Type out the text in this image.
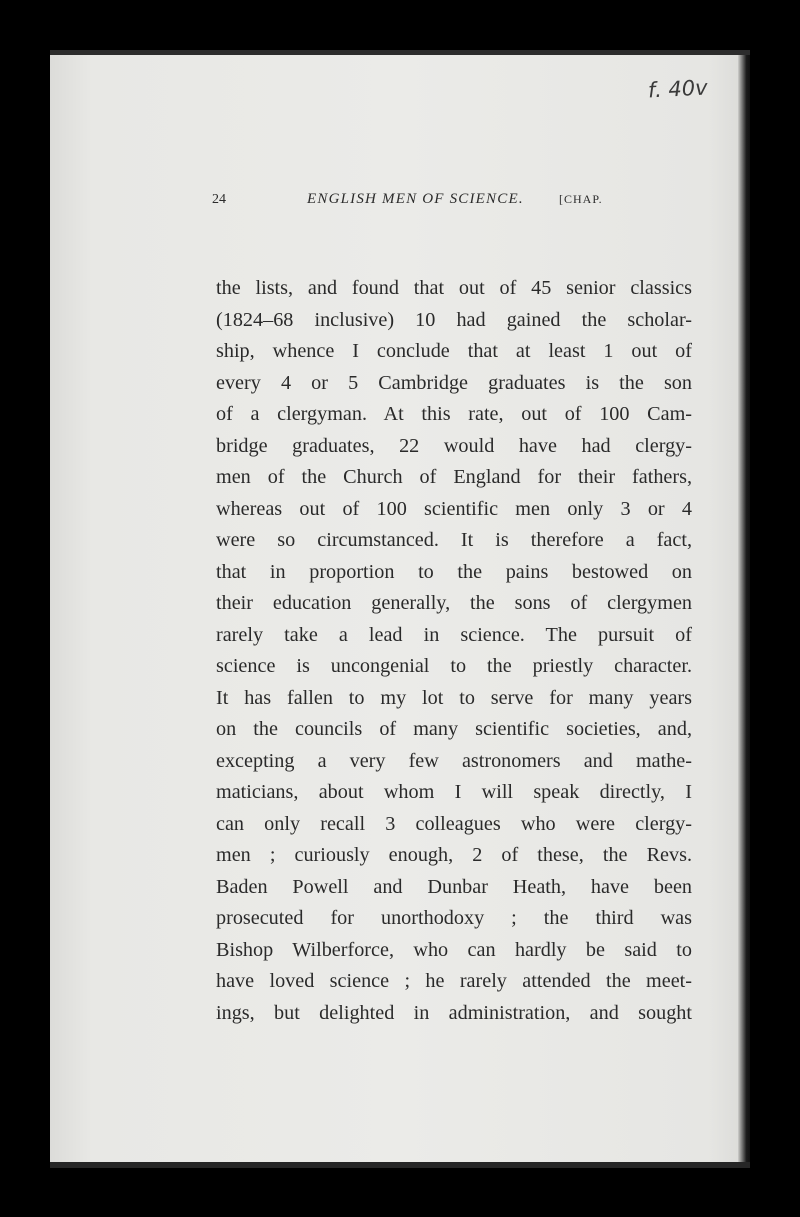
f. 40v
24	ENGLISH MEN OF SCIENCE.	[CHAP.
the lists, and found that out of 45 senior classics
(1824–68 inclusive) 10 had gained the scholar-
ship, whence I conclude that at least 1 out of
every 4 or 5 Cambridge graduates is the son
of a clergyman. At this rate, out of 100 Cam-
bridge graduates, 22 would have had clergy-
men of the Church of England for their fathers,
whereas out of 100 scientific men only 3 or 4
were so circumstanced. It is therefore a fact,
that in proportion to the pains bestowed on
their education generally, the sons of clergymen
rarely take a lead in science. The pursuit of
science is uncongenial to the priestly character.
It has fallen to my lot to serve for many years
on the councils of many scientific societies, and,
excepting a very few astronomers and mathe-
maticians, about whom I will speak directly, I
can only recall 3 colleagues who were clergy-
men ; curiously enough, 2 of these, the Revs.
Baden Powell and Dunbar Heath, have been
prosecuted for unorthodoxy ; the third was
Bishop Wilberforce, who can hardly be said to
have loved science ; he rarely attended the meet-
ings, but delighted in administration, and sought
